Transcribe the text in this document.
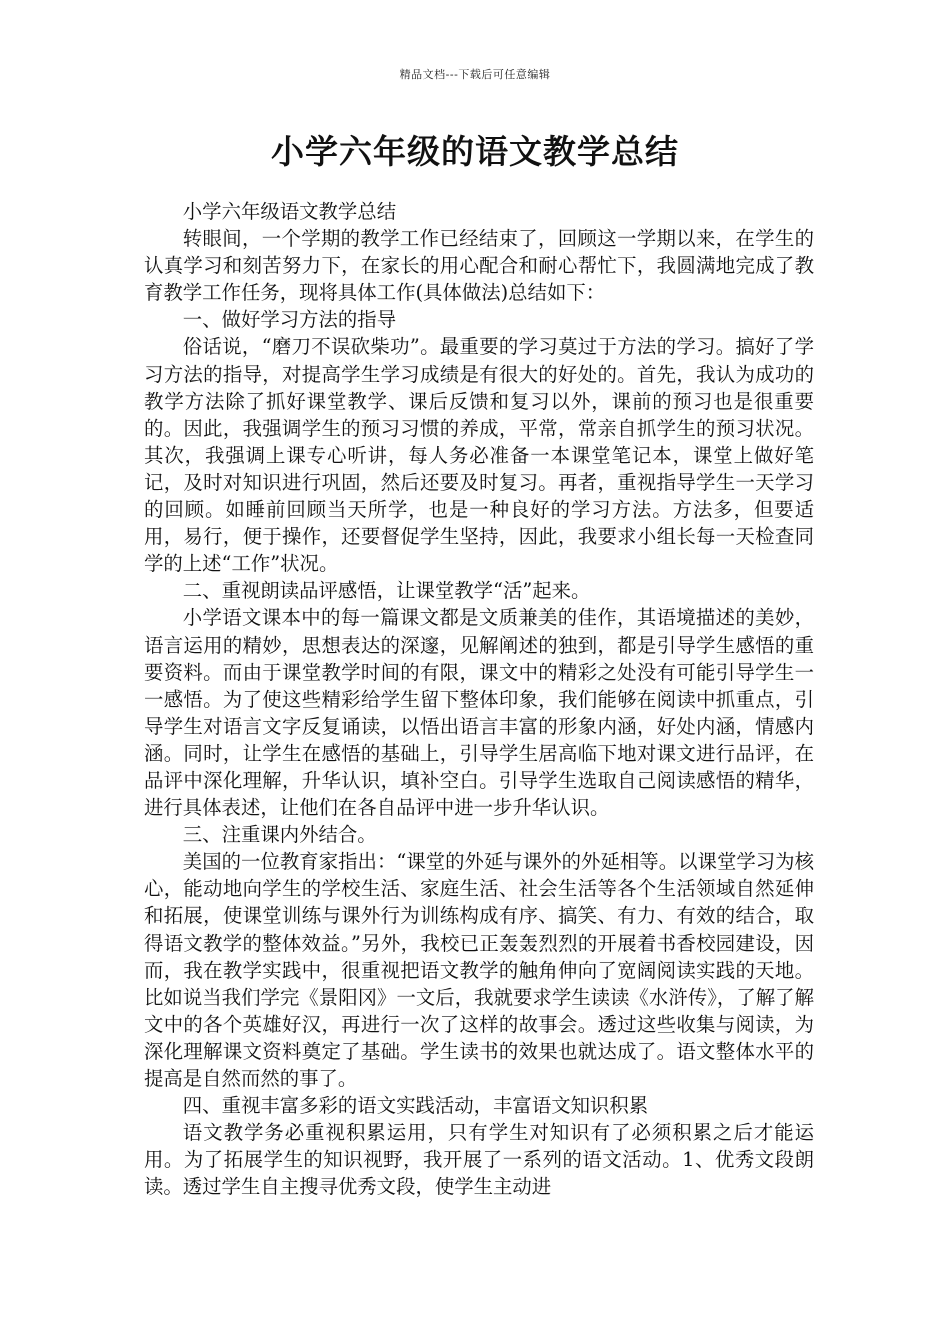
精品文档---下载后可任意编辑
小学六年级的语文教学总结

小学六年级语文教学总结

转眼间，一个学期的教学工作已经结束了，回顾这一学期以来，在学生的认真学习和刻苦努力下，在家长的用心配合和耐心帮忙下，我圆满地完成了教育教学工作任务，现将具体工作(具体做法)总结如下：

一、做好学习方法的指导

俗话说，“磨刀不误砍柴功”。最重要的学习莫过于方法的学习。搞好了学习方法的指导，对提高学生学习成绩是有很大的好处的。首先，我认为成功的教学方法除了抓好课堂教学、课后反馈和复习以外，课前的预习也是很重要的。因此，我强调学生的预习习惯的养成，平常，常亲自抓学生的预习状况。其次，我强调上课专心听讲，每人务必准备一本课堂笔记本，课堂上做好笔记，及时对知识进行巩固，然后还要及时复习。再者，重视指导学生一天学习的回顾。如睡前回顾当天所学，也是一种良好的学习方法。方法多，但要适用，易行，便于操作，还要督促学生坚持，因此，我要求小组长每一天检查同学的上述“工作”状况。

二、重视朗读品评感悟，让课堂教学“活”起来。

小学语文课本中的每一篇课文都是文质兼美的佳作，其语境描述的美妙，语言运用的精妙，思想表达的深邃，见解阐述的独到，都是引导学生感悟的重要资料。而由于课堂教学时间的有限，课文中的精彩之处没有可能引导学生一一感悟。为了使这些精彩给学生留下整体印象，我们能够在阅读中抓重点，引导学生对语言文字反复诵读，以悟出语言丰富的形象内涵，好处内涵，情感内涵。同时，让学生在感悟的基础上，引导学生居高临下地对课文进行品评，在品评中深化理解，升华认识，填补空白。引导学生选取自己阅读感悟的精华，进行具体表述，让他们在各自品评中进一步升华认识。

三、注重课内外结合。

美国的一位教育家指出：“课堂的外延与课外的外延相等。以课堂学习为核心，能动地向学生的学校生活、家庭生活、社会生活等各个生活领域自然延伸和拓展，使课堂训练与课外行为训练构成有序、搞笑、有力、有效的结合，取得语文教学的整体效益。”另外，我校已正轰轰烈烈的开展着书香校园建设，因而，我在教学实践中，很重视把语文教学的触角伸向了宽阔阅读实践的天地。比如说当我们学完《景阳冈》一文后，我就要求学生读读《水浒传》，了解了解文中的各个英雄好汉，再进行一次了这样的故事会。透过这些收集与阅读，为深化理解课文资料奠定了基础。学生读书的效果也就达成了。语文整体水平的提高是自然而然的事了。

四、重视丰富多彩的语文实践活动，丰富语文知识积累

语文教学务必重视积累运用，只有学生对知识有了必须积累之后才能运用。为了拓展学生的知识视野，我开展了一系列的语文活动。1、优秀文段朗读。透过学生自主搜寻优秀文段，使学生主动进
